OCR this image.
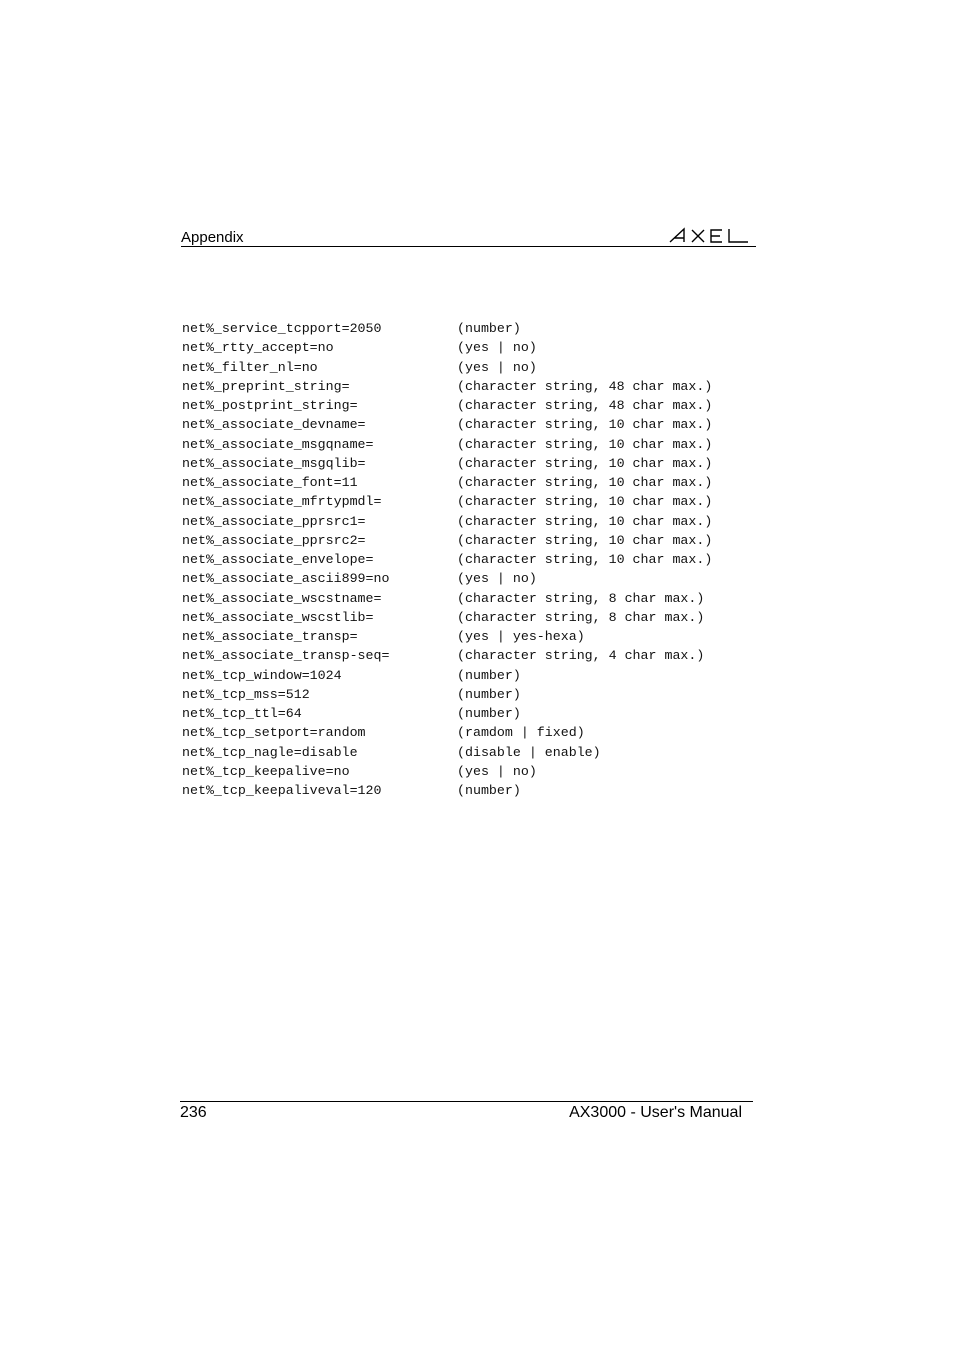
Appendix
net%_service_tcpport=2050	(number)
net%_rtty_accept=no	(yes | no)
net%_filter_nl=no	(yes | no)
net%_preprint_string=	(character string, 48 char max.)
net%_postprint_string=	(character string, 48 char max.)
net%_associate_devname=	(character string, 10 char max.)
net%_associate_msgqname=	(character string, 10 char max.)
net%_associate_msgqlib=	(character string, 10 char max.)
net%_associate_font=11	(character string, 10 char max.)
net%_associate_mfrtypmdl=	(character string, 10 char max.)
net%_associate_pprsrc1=	(character string, 10 char max.)
net%_associate_pprsrc2=	(character string, 10 char max.)
net%_associate_envelope=	(character string, 10 char max.)
net%_associate_ascii899=no	(yes | no)
net%_associate_wscstname=	(character string, 8 char max.)
net%_associate_wscstlib=	(character string, 8 char max.)
net%_associate_transp=	(yes | yes-hexa)
net%_associate_transp-seq=	(character string, 4 char max.)
net%_tcp_window=1024	(number)
net%_tcp_mss=512	(number)
net%_tcp_ttl=64	(number)
net%_tcp_setport=random	(ramdom | fixed)
net%_tcp_nagle=disable	(disable | enable)
net%_tcp_keepalive=no	(yes | no)
net%_tcp_keepaliveval=120	(number)
236	AX3000 - User's Manual
